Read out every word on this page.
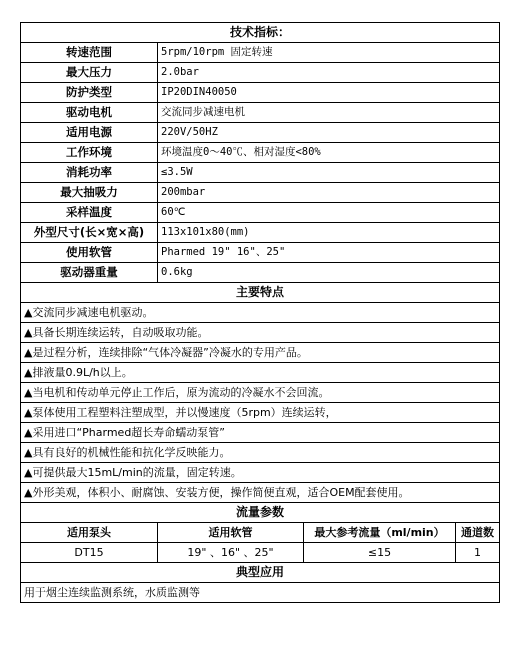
技术指标：			
转速范围	5rpm/10rpm 固定转速		
最大压力	2.0bar		
防护类型	IP20DIN40050		
驱动电机	交流同步减速电机		
适用电源	220V/50HZ		
工作环境	环境温度0～40℃、相对湿度<80%		
消耗功率	≤3.5W		
最大抽吸力	200mbar		
采样温度	60℃		
外型尺寸(长×宽×高)	113x101x80(mm)		
使用软管	Pharmed 19" 16"、25"		
驱动器重量	0.6kg		
主要特点			
▲交流同步减速电机驱动。			
▲具备长期连续运转，自动吸取功能。			
▲是过程分析，连续排除“气体冷凝器”冷凝水的专用产品。			
▲排液量0.9L/h以上。			
▲当电机和传动单元停止工作后，原为流动的冷凝水不会回流。			
▲泵体使用工程塑料注塑成型，并以慢速度（5rpm）连续运转，			
▲采用进口“Pharmed超长寿命蠕动泵管”			
▲具有良好的机械性能和抗化学反映能力。			
▲可提供最大15mL/min的流量，固定转速。			
▲外形美观，体积小、耐腐蚀、安装方便，操作简便直观，适合OEM配套使用。			
流量参数			
适用泵头	适用软管	最大参考流量（ml/min）	通道数
DT15	19" 、16" 、25"	≤15	1
典型应用			
用于烟尘连续监测系统，水质监测等			
